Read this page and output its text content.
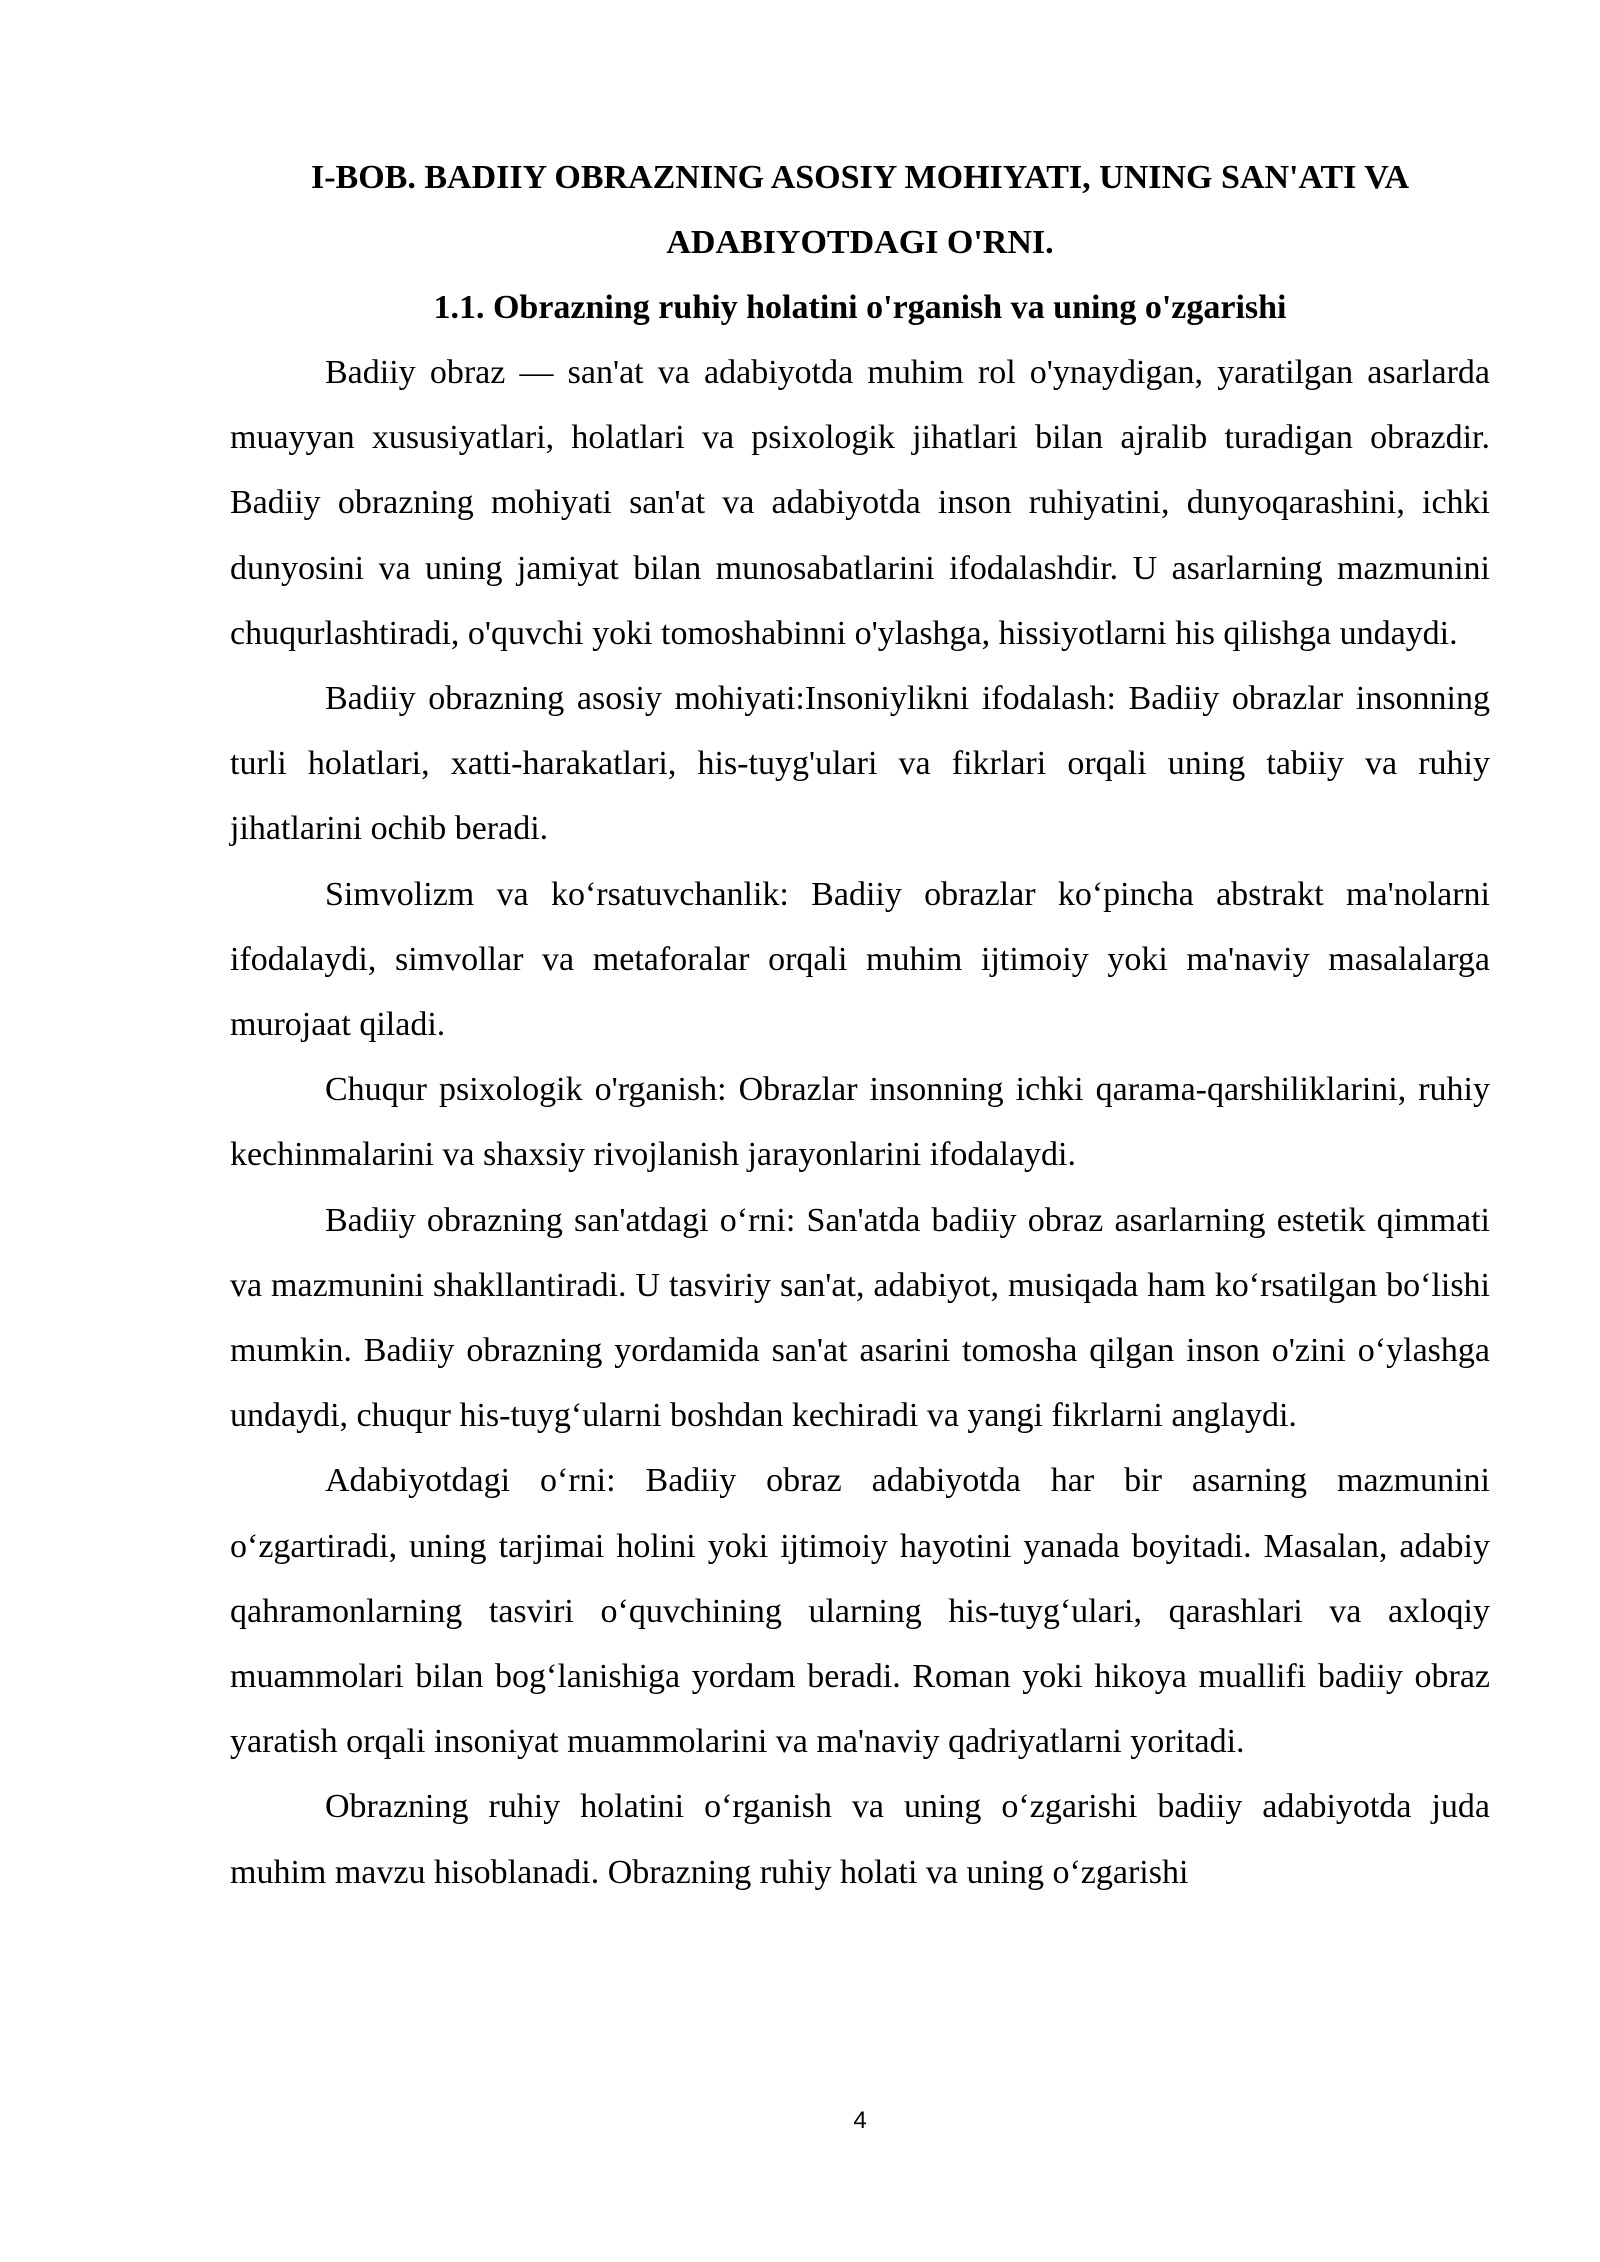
I-BOB. BADIIY OBRAZNING ASOSIY MOHIYATI, UNING SAN'ATI VA ADABIYOTDAGI O'RNI.
1.1. Obrazning ruhiy holatini o'rganish va uning o'zgarishi

Badiiy obraz — san'at va adabiyotda muhim rol o'ynaydigan, yaratilgan asarlarda muayyan xususiyatlari, holatlari va psixologik jihatlari bilan ajralib turadigan obrazdir. Badiiy obrazning mohiyati san'at va adabiyotda inson ruhiyatini, dunyoqarashini, ichki dunyosini va uning jamiyat bilan munosabatlarini ifodalashdir. U asarlarning mazmunini chuqurlashtiradi, o'quvchi yoki tomoshabinni o'ylashga, hissiyotlarni his qilishga undaydi.

Badiiy obrazning asosiy mohiyati:Insoniylikni ifodalash: Badiiy obrazlar insonning turli holatlari, xatti-harakatlari, his-tuyg'ulari va fikrlari orqali uning tabiiy va ruhiy jihatlarini ochib beradi.

Simvolizm va ko‘rsatuvchanlik: Badiiy obrazlar ko‘pincha abstrakt ma'nolarni ifodalaydi, simvollar va metaforalar orqali muhim ijtimoiy yoki ma'naviy masalalarga murojaat qiladi.

Chuqur psixologik o'rganish: Obrazlar insonning ichki qarama-qarshiliklarini, ruhiy kechinmalarini va shaxsiy rivojlanish jarayonlarini ifodalaydi.

Badiiy obrazning san'atdagi o‘rni: San'atda badiiy obraz asarlarning estetik qimmati va mazmunini shakllantiradi. U tasviriy san'at, adabiyot, musiqada ham ko‘rsatilgan bo‘lishi mumkin. Badiiy obrazning yordamida san'at asarini tomosha qilgan inson o'zini o‘ylashga undaydi, chuqur his-tuyg‘ularni boshdan kechiradi va yangi fikrlarni anglaydi.

Adabiyotdagi o‘rni: Badiiy obraz adabiyotda har bir asarning mazmunini o‘zgartiradi, uning tarjimai holini yoki ijtimoiy hayotini yanada boyitadi. Masalan, adabiy qahramonlarning tasviri o‘quvchining ularning his-tuyg‘ulari, qarashlari va axloqiy muammolari bilan bog‘lanishiga yordam beradi. Roman yoki hikoya muallifi badiiy obraz yaratish orqali insoniyat muammolarini va ma'naviy qadriyatlarni yoritadi.

Obrazning ruhiy holatini o‘rganish va uning o‘zgarishi badiiy adabiyotda juda muhim mavzu hisoblanadi. Obrazning ruhiy holati va uning o‘zgarishi

4
